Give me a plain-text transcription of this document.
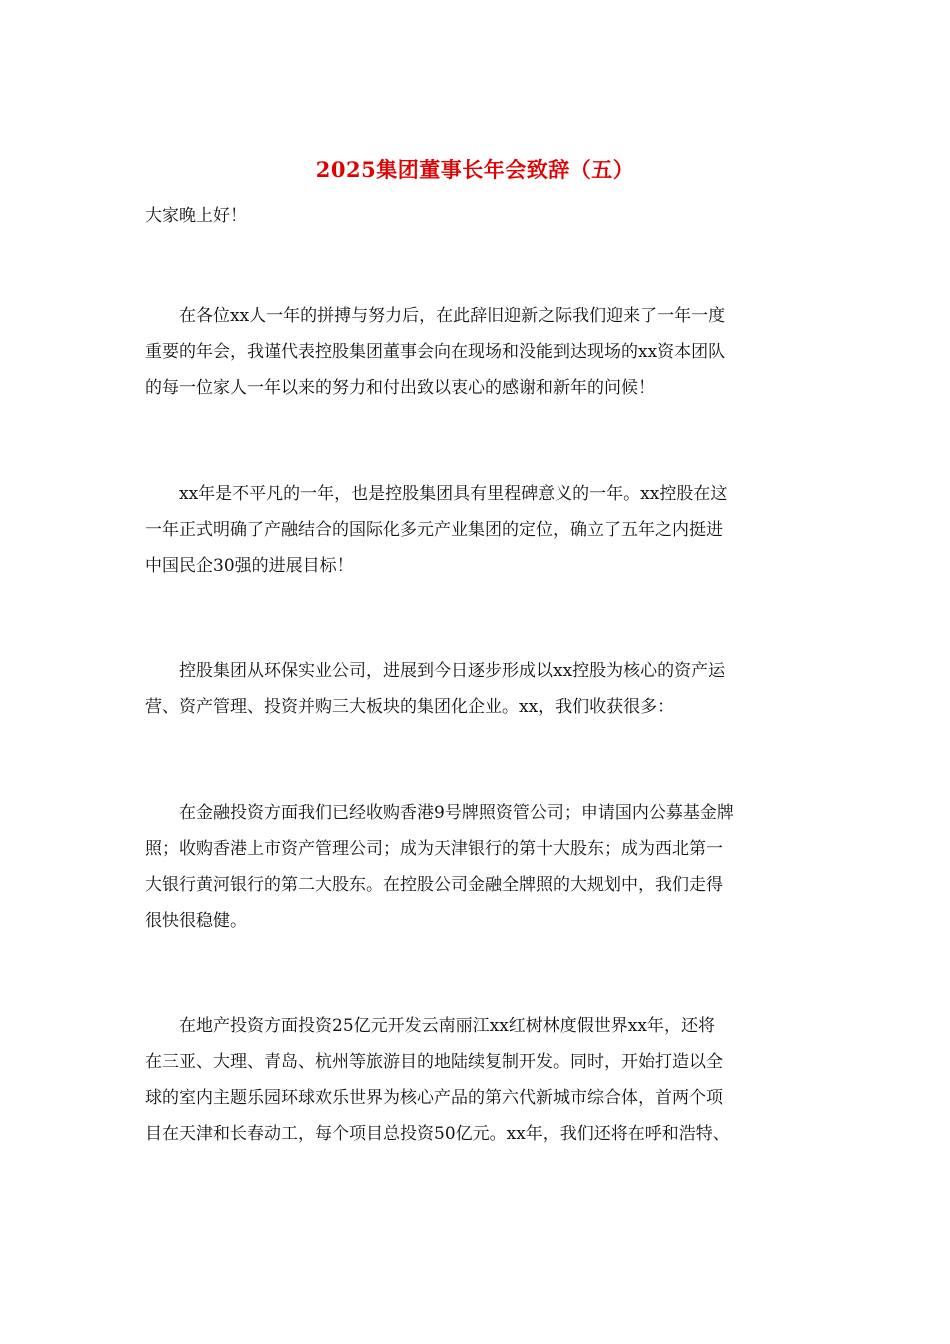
2025集团董事长年会致辞（五）
大家晚上好！
　　在各位xx人一年的拼搏与努力后，在此辞旧迎新之际我们迎来了一年一度
重要的年会，我谨代表控股集团董事会向在现场和没能到达现场的xx资本团队
的每一位家人一年以来的努力和付出致以衷心的感谢和新年的问候！
　　xx年是不平凡的一年，也是控股集团具有里程碑意义的一年。xx控股在这
一年正式明确了产融结合的国际化多元产业集团的定位，确立了五年之内挺进
中国民企30强的进展目标！
　　控股集团从环保实业公司，进展到今日逐步形成以xx控股为核心的资产运
营、资产管理、投资并购三大板块的集团化企业。xx，我们收获很多：
　　在金融投资方面我们已经收购香港9号牌照资管公司；申请国内公募基金牌
照；收购香港上市资产管理公司；成为天津银行的第十大股东；成为西北第一
大银行黄河银行的第二大股东。在控股公司金融全牌照的大规划中，我们走得
很快很稳健。
　　在地产投资方面投资25亿元开发云南丽江xx红树林度假世界xx年，还将
在三亚、大理、青岛、杭州等旅游目的地陆续复制开发。同时，开始打造以全
球的室内主题乐园环球欢乐世界为核心产品的第六代新城市综合体，首两个项
目在天津和长春动工，每个项目总投资50亿元。xx年，我们还将在呼和浩特、
